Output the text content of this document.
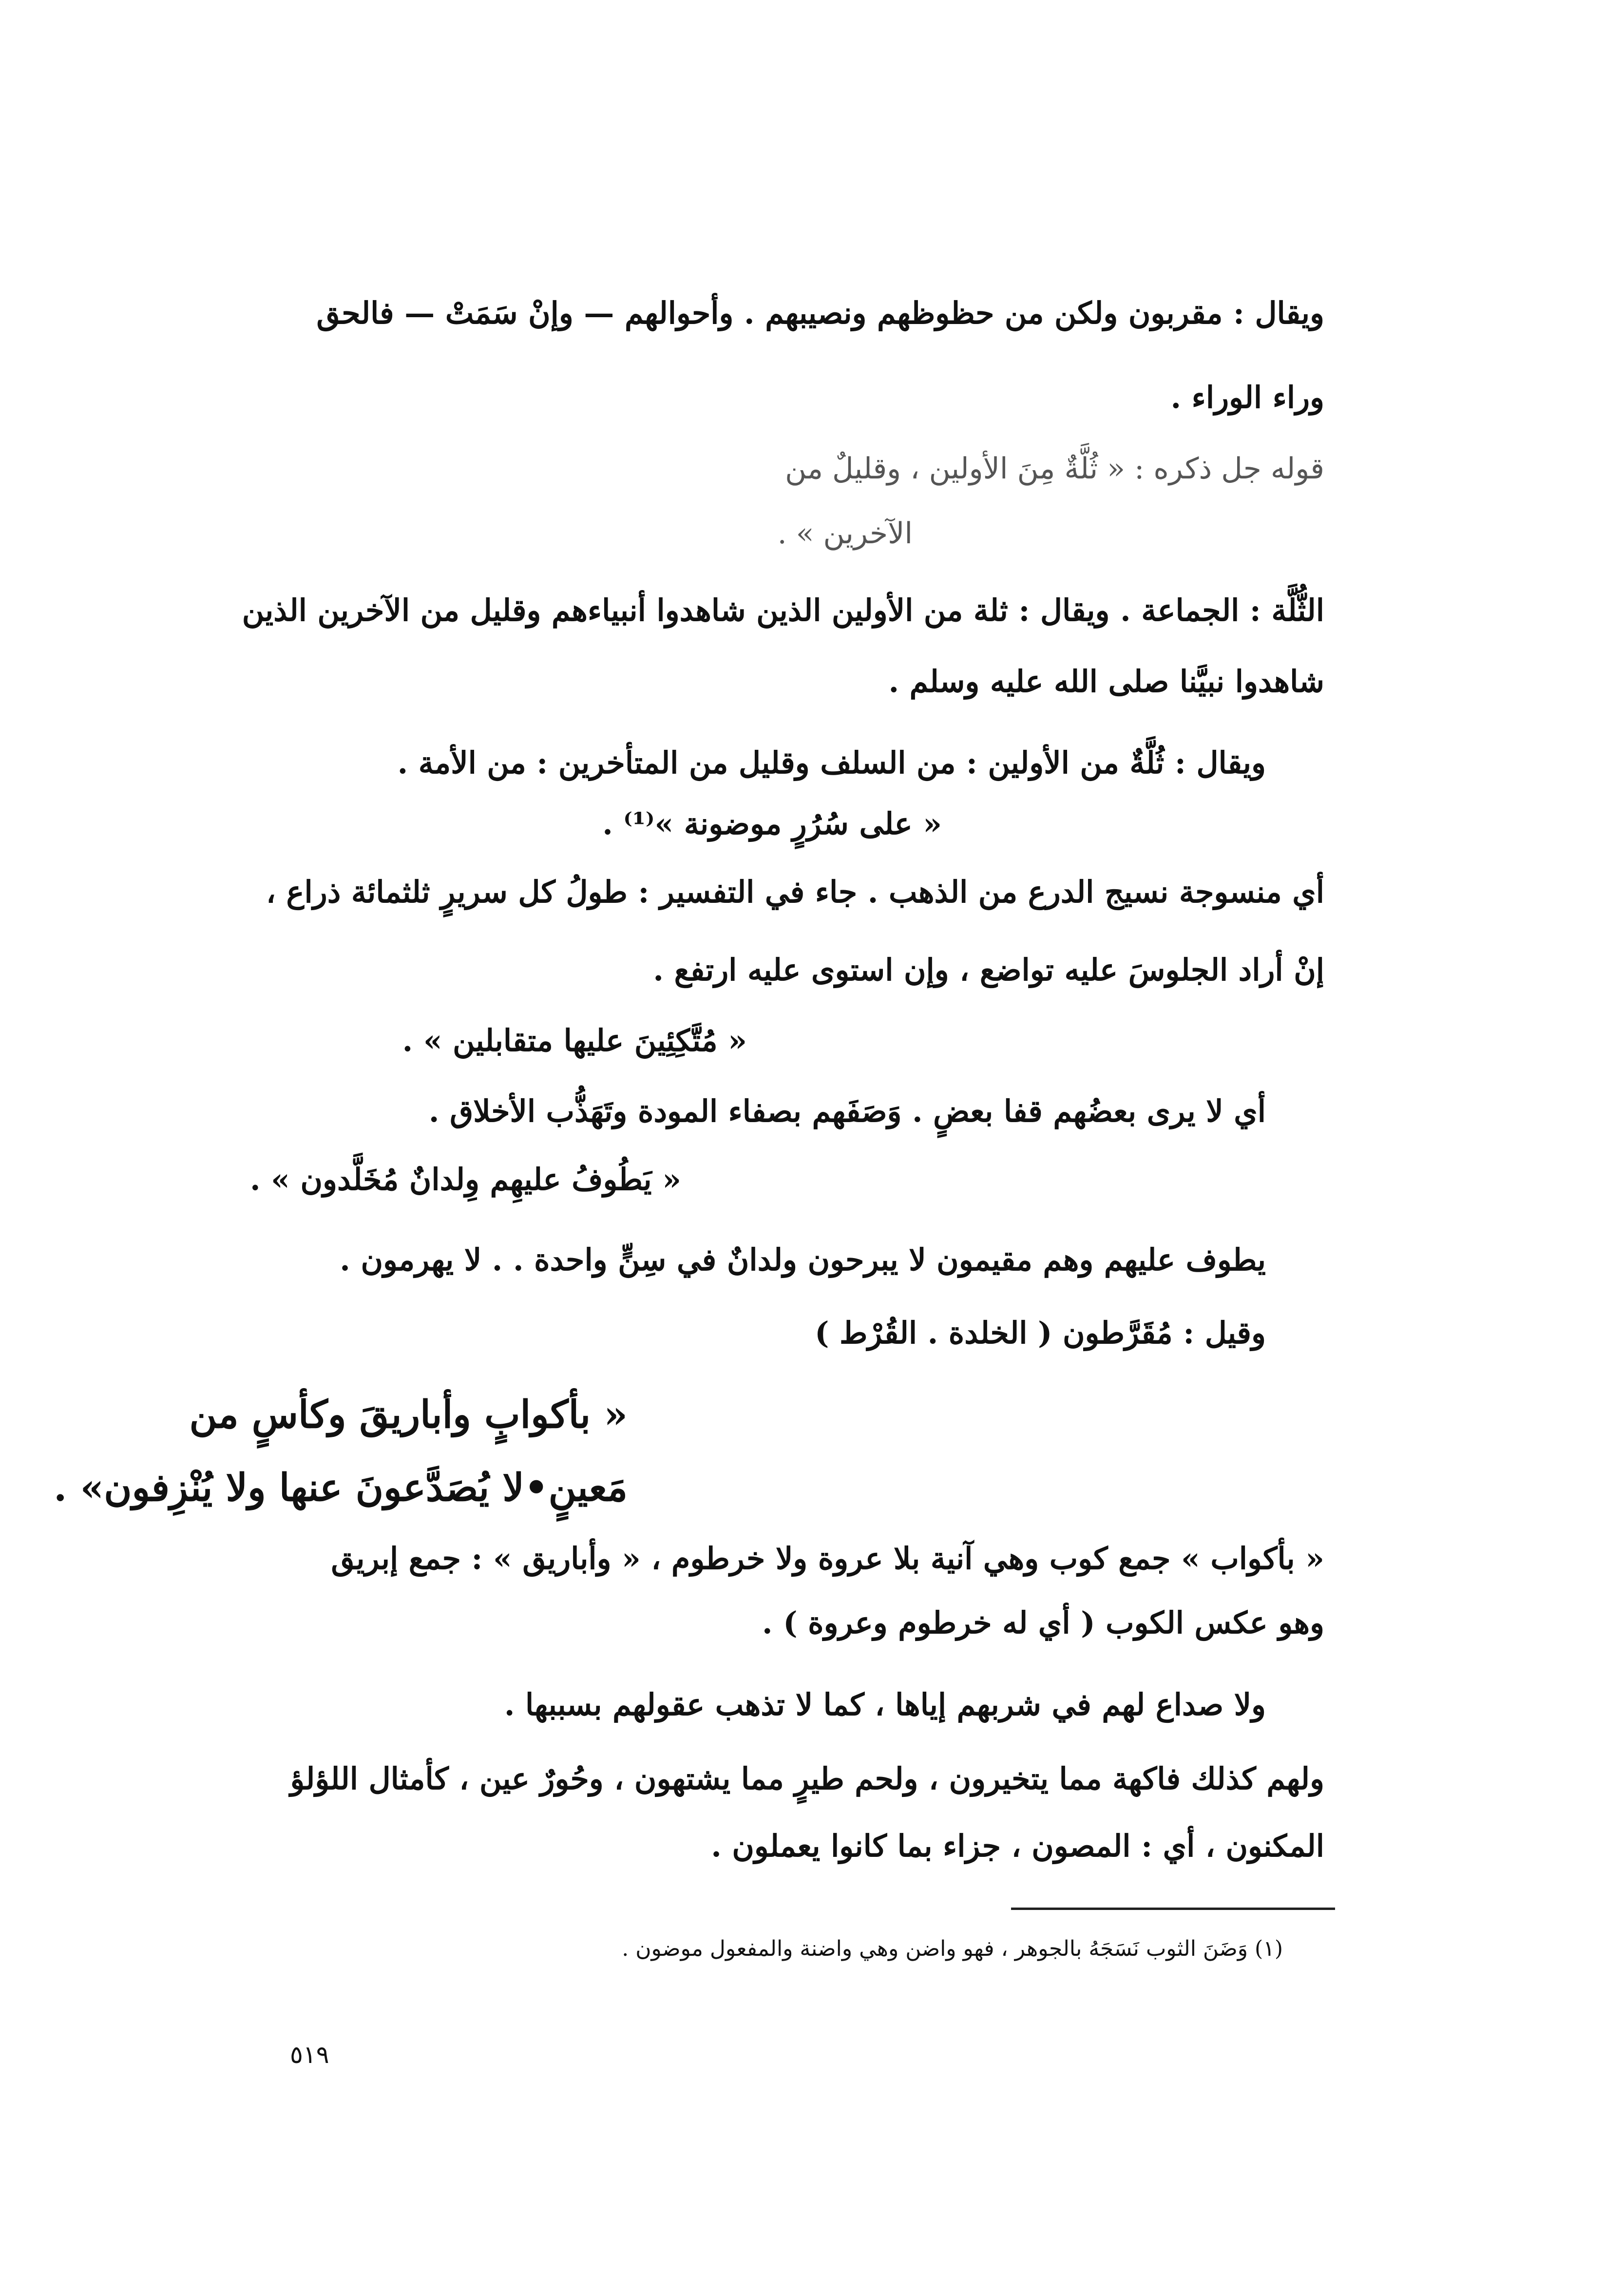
ويقال : مقربون ولكن من حظوظهم ونصيبهم . وأحوالهم — وإنْ سَمَتْ — فالحق
وراء الوراء .
قوله جل ذكره : « ثُلَّةٌ مِنَ الأولين ، وقليلٌ من
الآخرين » .
الثُّلَّة : الجماعة . ويقال : ثلة من الأولين الذين شاهدوا أنبياءهم وقليل من الآخرين الذين
شاهدوا نبيَّنا صلى الله عليه وسلم .
ويقال : ثُلَّةٌ من الأولين : من السلف وقليل من المتأخرين : من الأمة .
« على سُرُرٍ موضونة »⁽¹⁾ .
أي منسوجة نسيج الدرع من الذهب . جاء في التفسير : طولُ كل سريرٍ ثلثمائة ذراع ،
إنْ أراد الجلوسَ عليه تواضع ، وإن استوى عليه ارتفع .
« مُتَّكِئِينَ عليها متقابلين » .
أي لا يرى بعضُهم قفا بعضٍ . وَصَفَهم بصفاء المودة وتَهَذُّب الأخلاق .
« يَطُوفُ عليهِم وِلدانٌ مُخَلَّدون » .
يطوف عليهم وهم مقيمون لا يبرحون ولدانٌ في سِنٍّ واحدة . . لا يهرمون .
وقيل : مُقَرَّطون ( الخلدة . القُرْط )
« بأكوابٍ وأباريقَ وكأسٍ من
مَعينٍ•لا يُصَدَّعونَ عنها ولا يُنْزِفون» .
« بأكواب » جمع كوب وهي آنية بلا عروة ولا خرطوم ، « وأباريق » : جمع إبريق
وهو عكس الكوب ( أي له خرطوم وعروة ) .
ولا صداع لهم في شربهم إياها ، كما لا تذهب عقولهم بسببها .
ولهم كذلك فاكهة مما يتخيرون ، ولحم طيرٍ مما يشتهون ، وحُورٌ عين ، كأمثال اللؤلؤ
المكنون ، أي : المصون ، جزاء بما كانوا يعملون .
(١) وَضَنَ الثوب نَسَجَهُ بالجوهر ، فهو واضن وهي واضنة والمفعول موضون .
٥١٩
